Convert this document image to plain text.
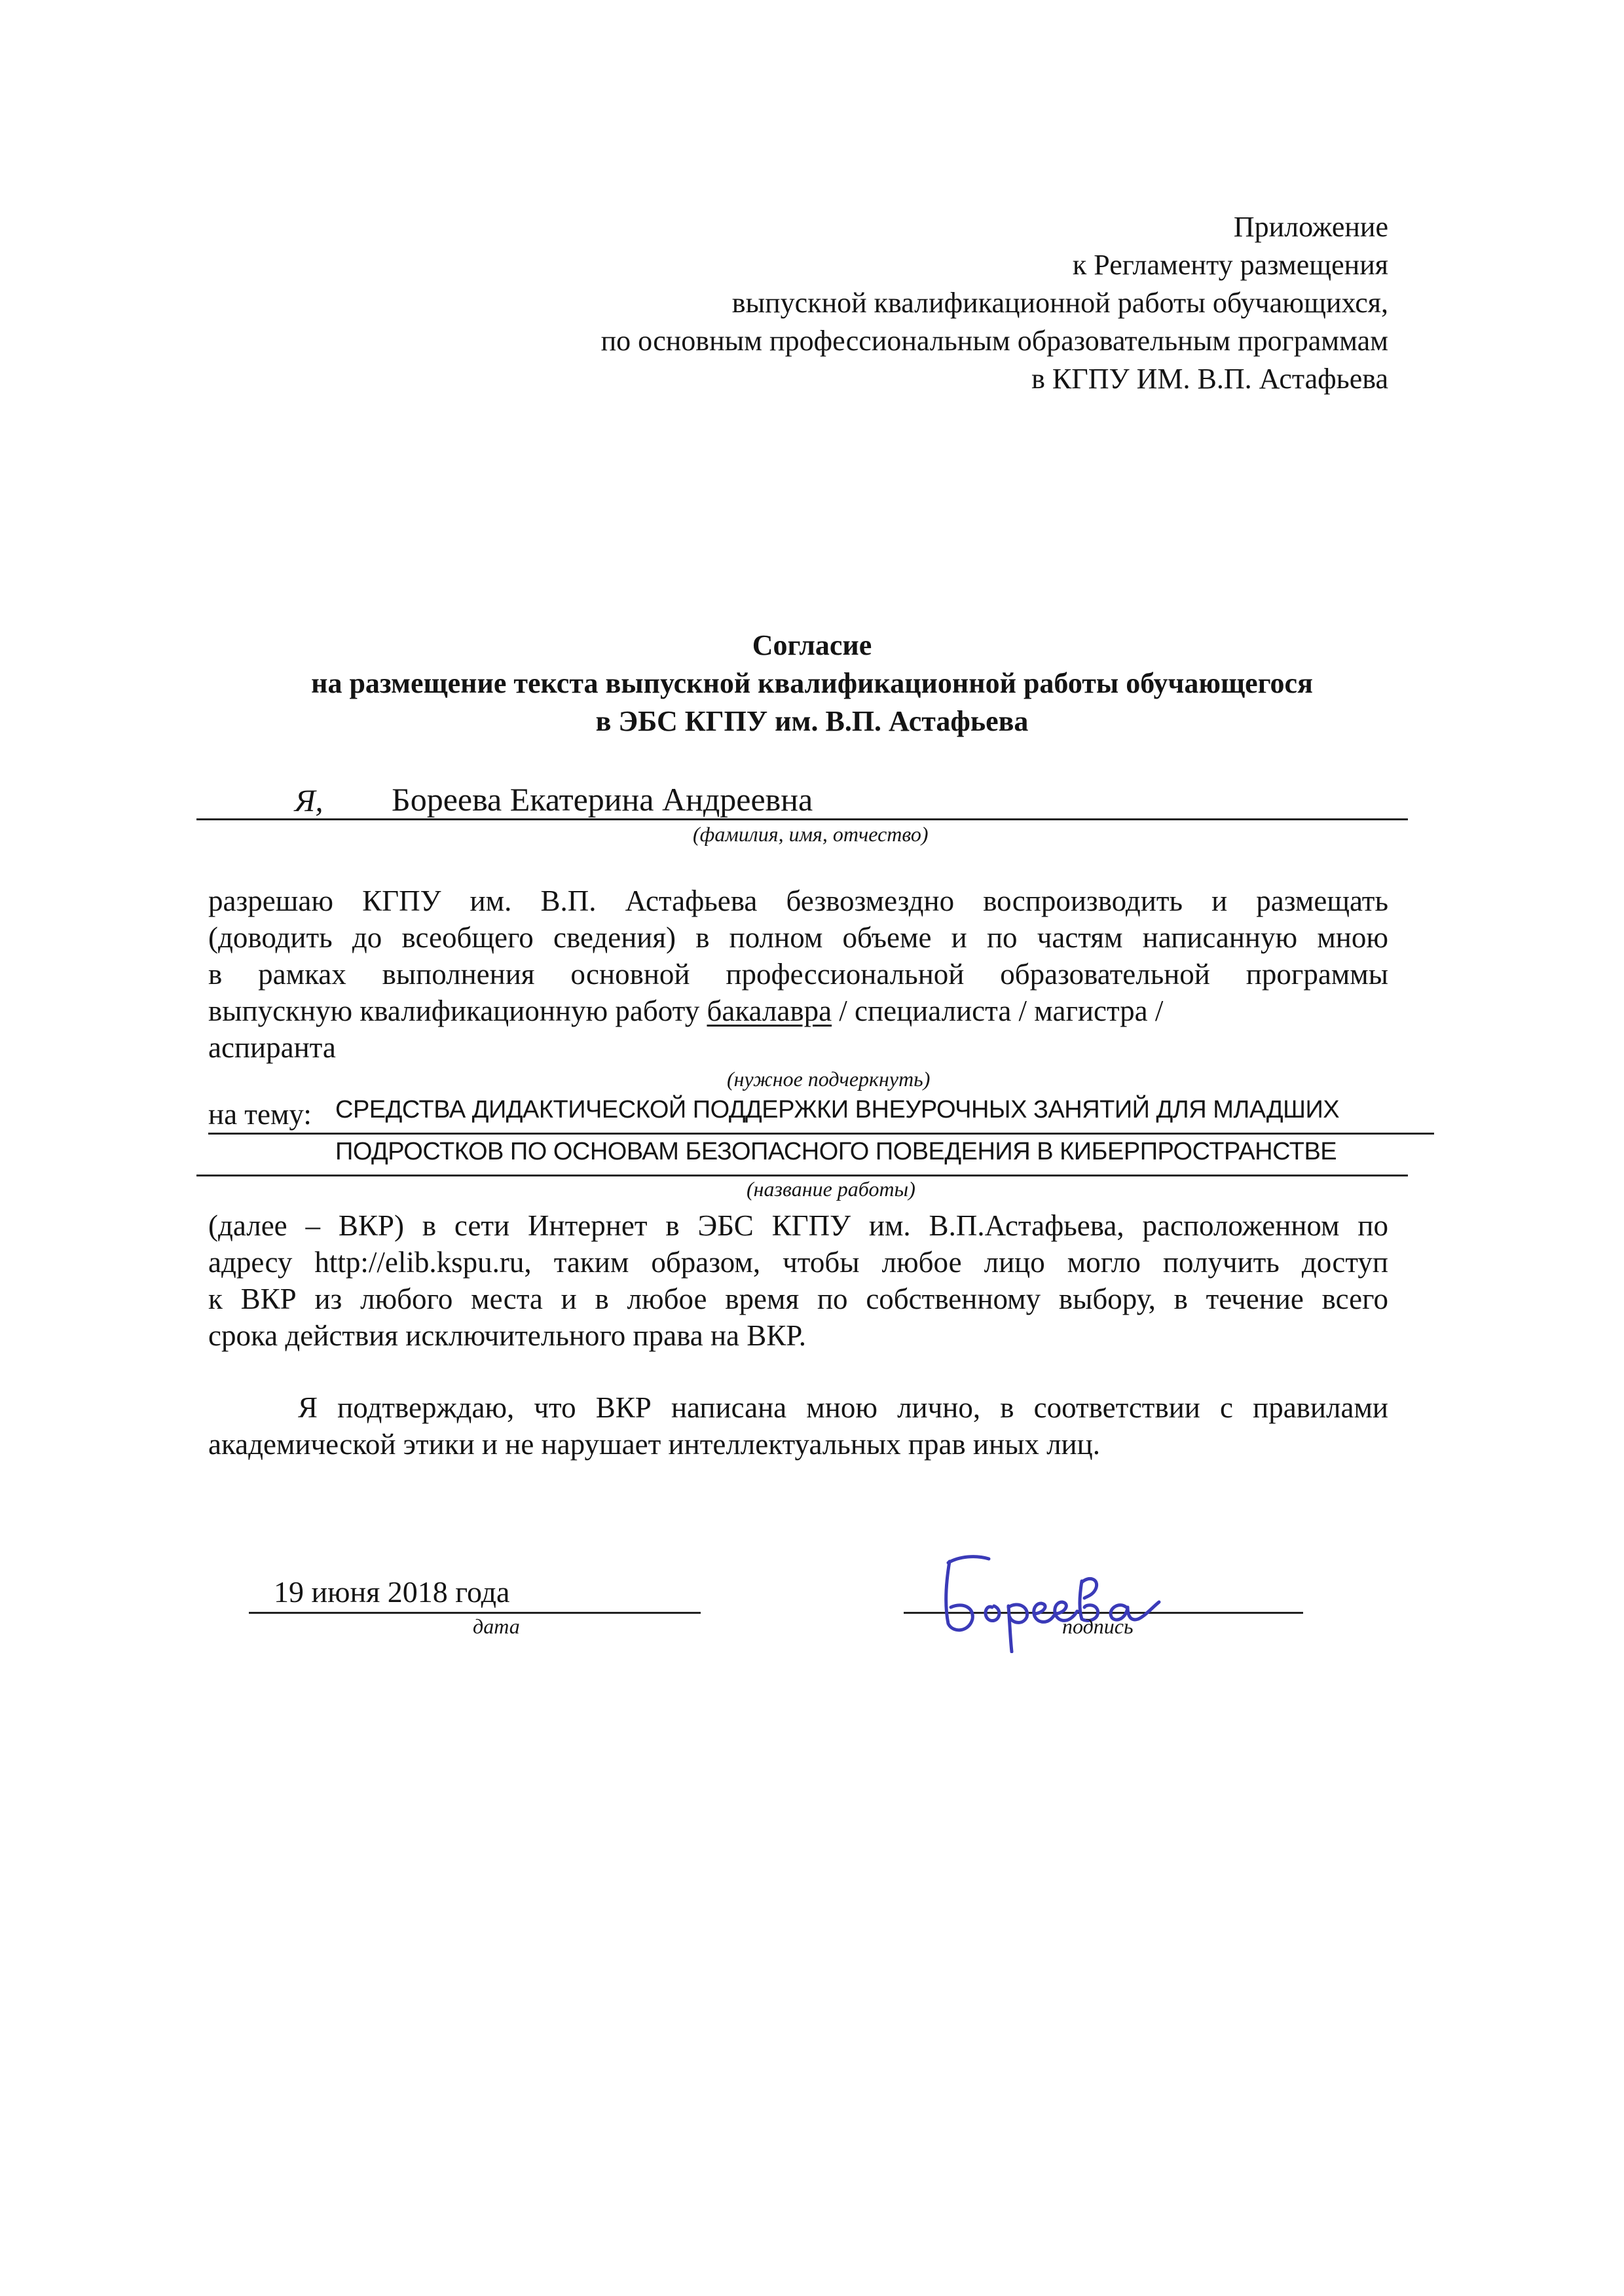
Приложение
к Регламенту размещения
выпускной квалификационной работы обучающихся,
по основным профессиональным образовательным программам
в КГПУ ИМ. В.П. Астафьева
Согласие
на размещение текста выпускной квалификационной работы обучающегося
в ЭБС КГПУ им. В.П. Астафьева
Я, Бореева Екатерина Андреевна
(фамилия, имя, отчество)
разрешаю КГПУ им. В.П. Астафьева безвозмездно воспроизводить и размещать
(доводить до всеобщего сведения) в полном объеме и по частям написанную мною
в рамках выполнения основной профессиональной образовательной программы
выпускную квалификационную работу бакалавра / специалиста / магистра /
аспиранта
(нужное подчеркнуть)
на тему: СРЕДСТВА ДИДАКТИЧЕСКОЙ ПОДДЕРЖКИ ВНЕУРОЧНЫХ ЗАНЯТИЙ ДЛЯ МЛАДШИХ
ПОДРОСТКОВ ПО ОСНОВАМ БЕЗОПАСНОГО ПОВЕДЕНИЯ В КИБЕРПРОСТРАНСТВЕ
(название работы)
(далее – ВКР) в сети Интернет в ЭБС КГПУ им. В.П.Астафьева, расположенном по
адресу http://elib.kspu.ru, таким образом, чтобы любое лицо могло получить доступ
к ВКР из любого места и в любое время по собственному выбору, в течение всего
срока действия исключительного права на ВКР.
Я подтверждаю, что ВКР написана мною лично, в соответствии с правилами
академической этики и не нарушает интеллектуальных прав иных лиц.
19 июня 2018 года
дата	подпись
